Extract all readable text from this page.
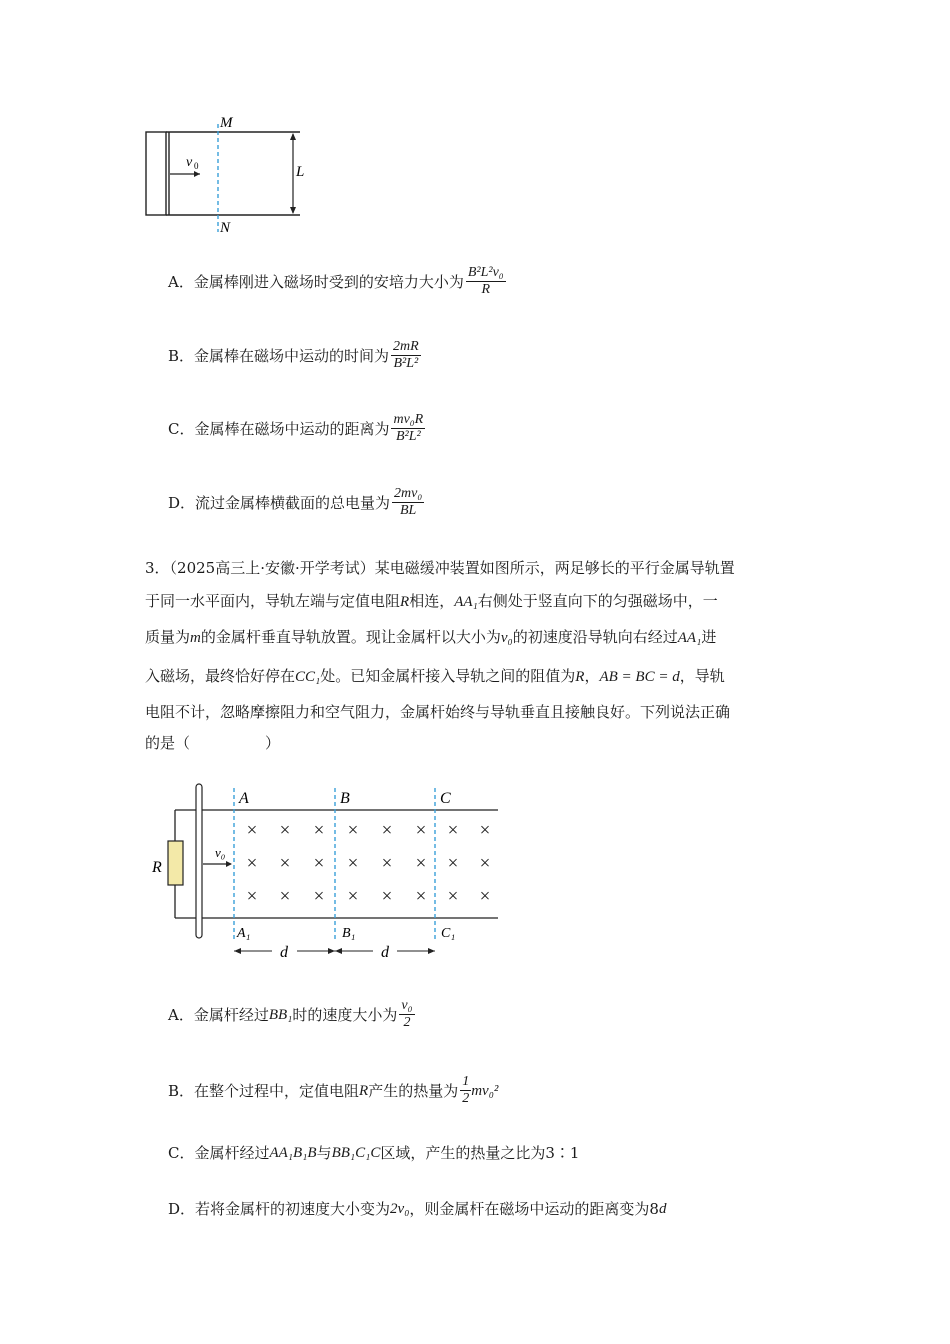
v 0
M
N
L
A．金属棒刚进入磁场时受到的安培力大小为 $\frac{\text{B²L²v₀}}{R}$
B．金属棒在磁场中运动的时间为 $\frac{2mR}{\text{B²L²}}$
C．金属棒在磁场中运动的距离为 $\frac{\text{mv₀R}}{\text{B²L²}}$
D．流过金属棒横截面的总电量为 $\frac{\text{2mv₀}}{BL}$
3．（2025高三上·安徽·开学考试）某电磁缓冲装置如图所示，两足够长的平行金属导轨置
于同一水平面内，导轨左端与定值电阻R相连，AA₁右侧处于竖直向下的匀强磁场中，一
质量为m的金属杆垂直导轨放置。现让金属杆以大小为v₀的初速度沿导轨向右经过AA₁进
入磁场，最终恰好停在CC₁处。已知金属杆接入导轨之间的阻值为R，AB = BC = d，导轨
电阻不计，忽略摩擦阻力和空气阻力，金属杆始终与导轨垂直且接触良好。下列说法正确
的是（　　　　　）
× × × × × × × ×
× × × × × × × ×
× × × × × × × ×
v₀
R
A	B	C
A₁	B₁	C₁
d	d
A．金属杆经过 BB₁ 时的速度大小为 $\frac{\text{v₀}}{2}$
B．在整个过程中，定值电阻 R 产生的热量为 $\frac{1}{2} mv_0^2$
C．金属杆经过 AA₁B₁B 与 BB₁C₁C 区域，产生的热量之比为3∶1
D．若将金属杆的初速度大小变为 2v₀ ，则金属杆在磁场中运动的距离变为8 d
